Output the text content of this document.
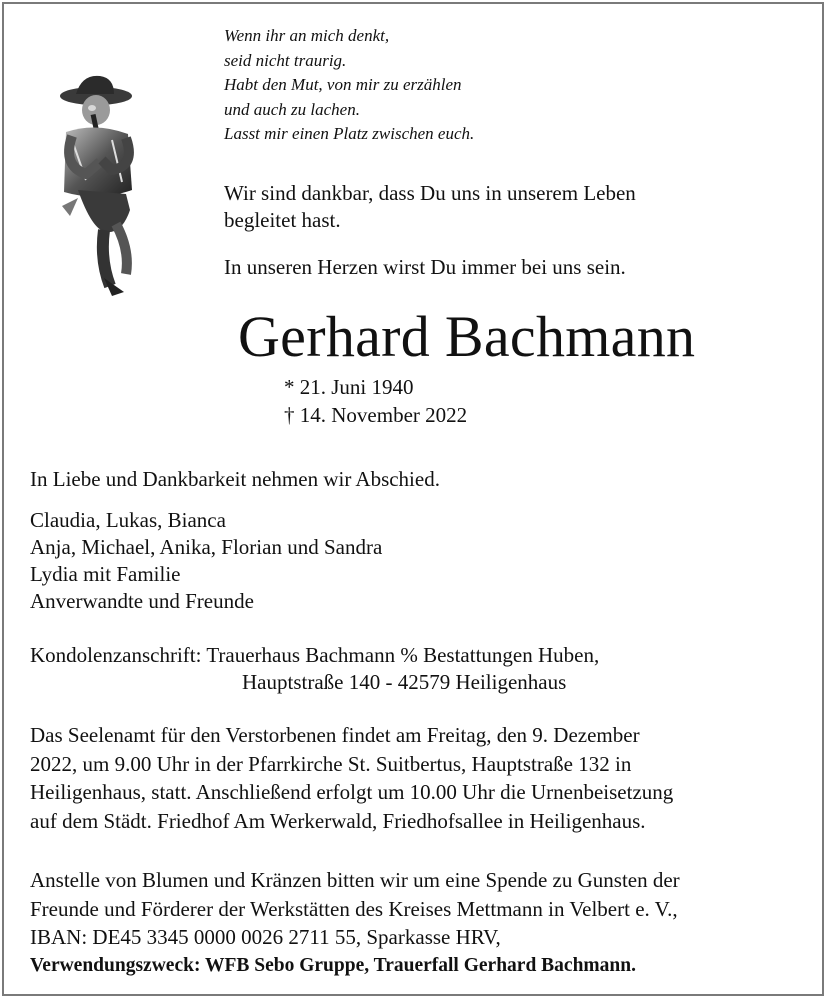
Wenn ihr an mich denkt,
seid nicht traurig.
Habt den Mut, von mir zu erzählen
und auch zu lachen.
Lasst mir einen Platz zwischen euch.
Wir sind dankbar, dass Du uns in unserem Leben
begleitet hast.
In unseren Herzen wirst Du immer bei uns sein.
Gerhard Bachmann
* 21. Juni 1940
† 14. November 2022
In Liebe und Dankbarkeit nehmen wir Abschied.
Claudia, Lukas, Bianca
Anja, Michael, Anika, Florian und Sandra
Lydia mit Familie
Anverwandte und Freunde
Kondolenzanschrift: Trauerhaus Bachmann % Bestattungen Huben,
Hauptstraße 140 - 42579 Heiligenhaus
Das Seelenamt für den Verstorbenen findet am Freitag, den 9. Dezember
2022, um 9.00 Uhr in der Pfarrkirche St. Suitbertus, Hauptstraße 132 in
Heiligenhaus, statt. Anschließend erfolgt um 10.00 Uhr die Urnenbeisetzung
auf dem Städt. Friedhof Am Werkerwald, Friedhofsallee in Heiligenhaus.
Anstelle von Blumen und Kränzen bitten wir um eine Spende zu Gunsten der
Freunde und Förderer der Werkstätten des Kreises Mettmann in Velbert e. V.,
IBAN: DE45 3345 0000 0026 2711 55, Sparkasse HRV,
Verwendungszweck: WFB Sebo Gruppe, Trauerfall Gerhard Bachmann.
